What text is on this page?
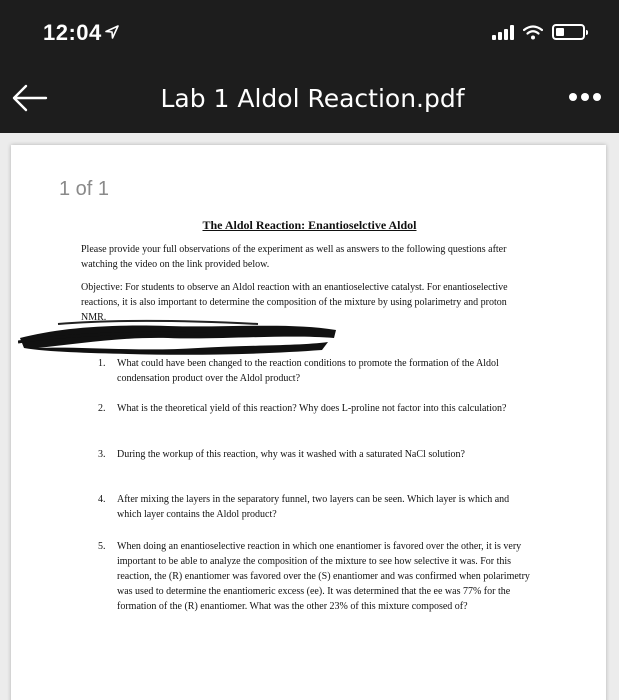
12:04
Lab 1 Aldol Reaction.pdf
1 of 1
The Aldol Reaction: Enantioselctive Aldol
Please provide your full observations of the experiment as well as answers to the following questions after watching the video on the link provided below.
Objective: For students to observe an Aldol reaction with an enantioselective catalyst. For enantioselective reactions, it is also important to determine the composition of the mixture by using polarimetry and proton NMR.
1.	What could have been changed to the reaction conditions to promote the formation of the Aldol condensation product over the Aldol product?
2.	What is the theoretical yield of this reaction? Why does L-proline not factor into this calculation?
3.	During the workup of this reaction, why was it washed with a saturated NaCl solution?
4.	After mixing the layers in the separatory funnel, two layers can be seen. Which layer is which and which layer contains the Aldol product?
5.	When doing an enantioselective reaction in which one enantiomer is favored over the other, it is very important to be able to analyze the composition of the mixture to see how selective it was. For this reaction, the (R) enantiomer was favored over the (S) enantiomer and was confirmed when polarimetry was used to determine the enantiomeric excess (ee). It was determined that the ee was 77% for the formation of the (R) enantiomer. What was the other 23% of this mixture composed of?
